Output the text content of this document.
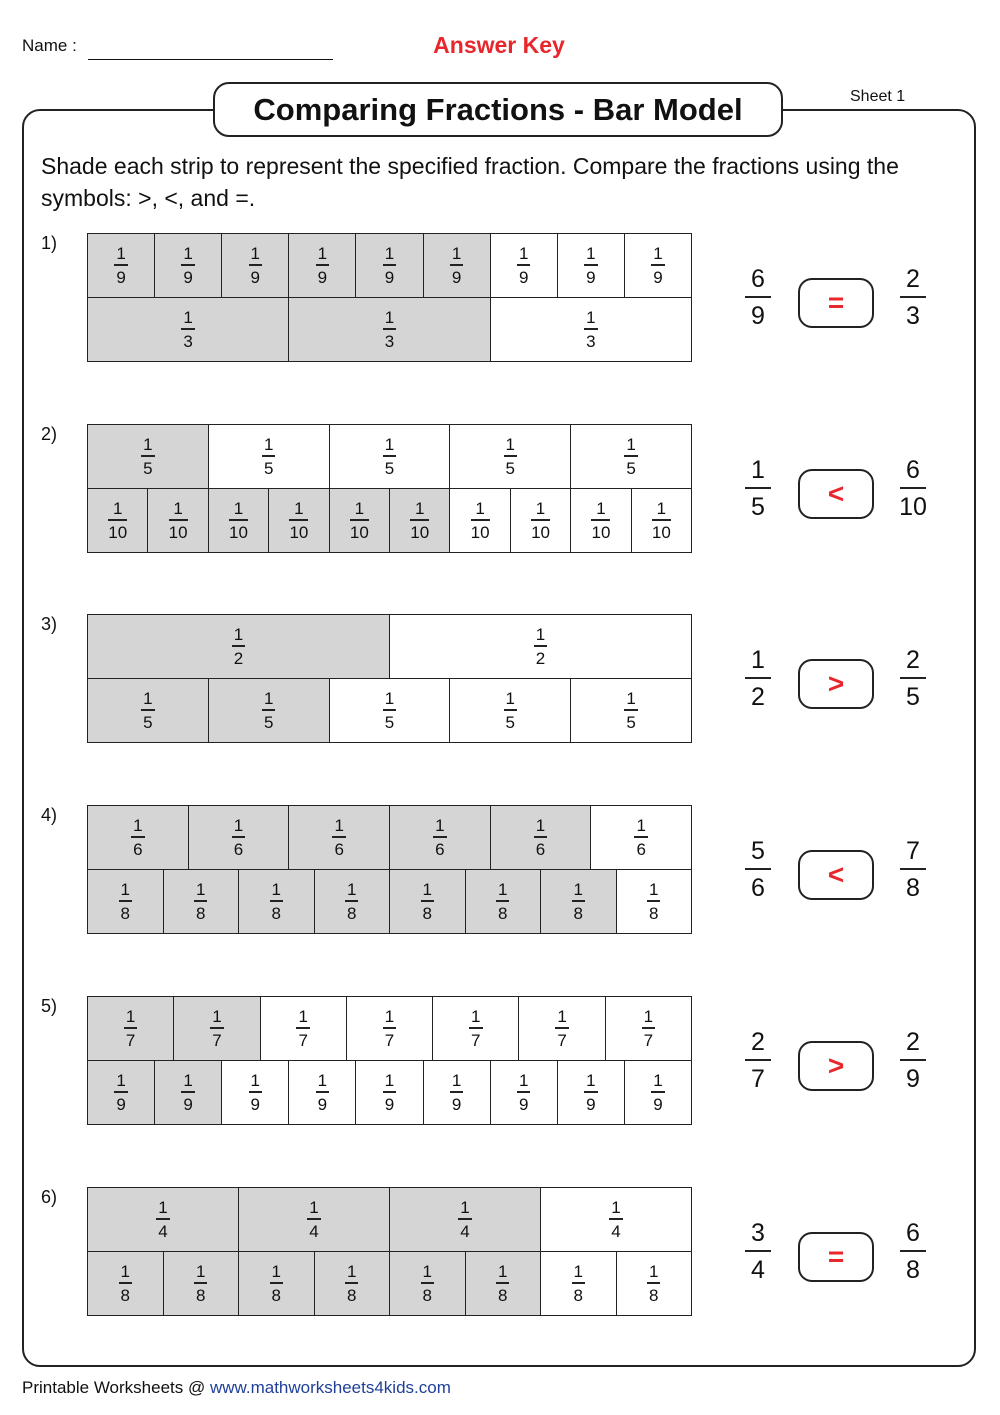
Name :	Answer Key
Sheet 1
Comparing Fractions - Bar Model
Shade each strip to represent the specified fraction. Compare the fractions using the symbols: >, <, and =.
1)
$\frac{1}{9}$	$\frac{1}{9}$	$\frac{1}{9}$	$\frac{1}{9}$	$\frac{1}{9}$	$\frac{1}{9}$	$\frac{1}{9}$	$\frac{1}{9}$	$\frac{1}{9}$
$\frac{1}{3}$	$\frac{1}{3}$	$\frac{1}{3}$
6
9	=
2
3
2)
$\frac{1}{5}$	$\frac{1}{5}$	$\frac{1}{5}$	$\frac{1}{5}$	$\frac{1}{5}$
$\frac{1}{10} \frac{1}{10} \frac{1}{10} \frac{1}{10} \frac{1}{10} \frac{1}{10} \frac{1}{10} \frac{1}{10} \frac{1}{10} \frac{1}{10}$
1
5	<
6
10
3)
$\frac{1}{2}$	$\frac{1}{2}$
$\frac{1}{5}$	$\frac{1}{5}$	$\frac{1}{5}$	$\frac{1}{5}$	$\frac{1}{5}$
1
2	>
2
5
4)
$\frac{1}{6}$	$\frac{1}{6}$	$\frac{1}{6}$	$\frac{1}{6}$	$\frac{1}{6}$	$\frac{1}{6}$
$\frac{1}{8}$	$\frac{1}{8}$	$\frac{1}{8}$	$\frac{1}{8}$	$\frac{1}{8}$	$\frac{1}{8}$	$\frac{1}{8}$	$\frac{1}{8}$
5
6	<
7
8
5)
$\frac{1}{7}$	$\frac{1}{7}$	$\frac{1}{7}$	$\frac{1}{7}$	$\frac{1}{7}$	$\frac{1}{7}$	$\frac{1}{7}$
$\frac{1}{9}$	$\frac{1}{9}$	$\frac{1}{9}$	$\frac{1}{9}$	$\frac{1}{9}$	$\frac{1}{9}$	$\frac{1}{9}$	$\frac{1}{9}$	$\frac{1}{9}$
2
7	>
2
9
6)
$\frac{1}{4}$	$\frac{1}{4}$	$\frac{1}{4}$	$\frac{1}{4}$
$\frac{1}{8}$	$\frac{1}{8}$	$\frac{1}{8}$	$\frac{1}{8}$	$\frac{1}{8}$	$\frac{1}{8}$	$\frac{1}{8}$	$\frac{1}{8}$
3
4	=
6
8
Printable Worksheets @ www.mathworksheets4kids.com
